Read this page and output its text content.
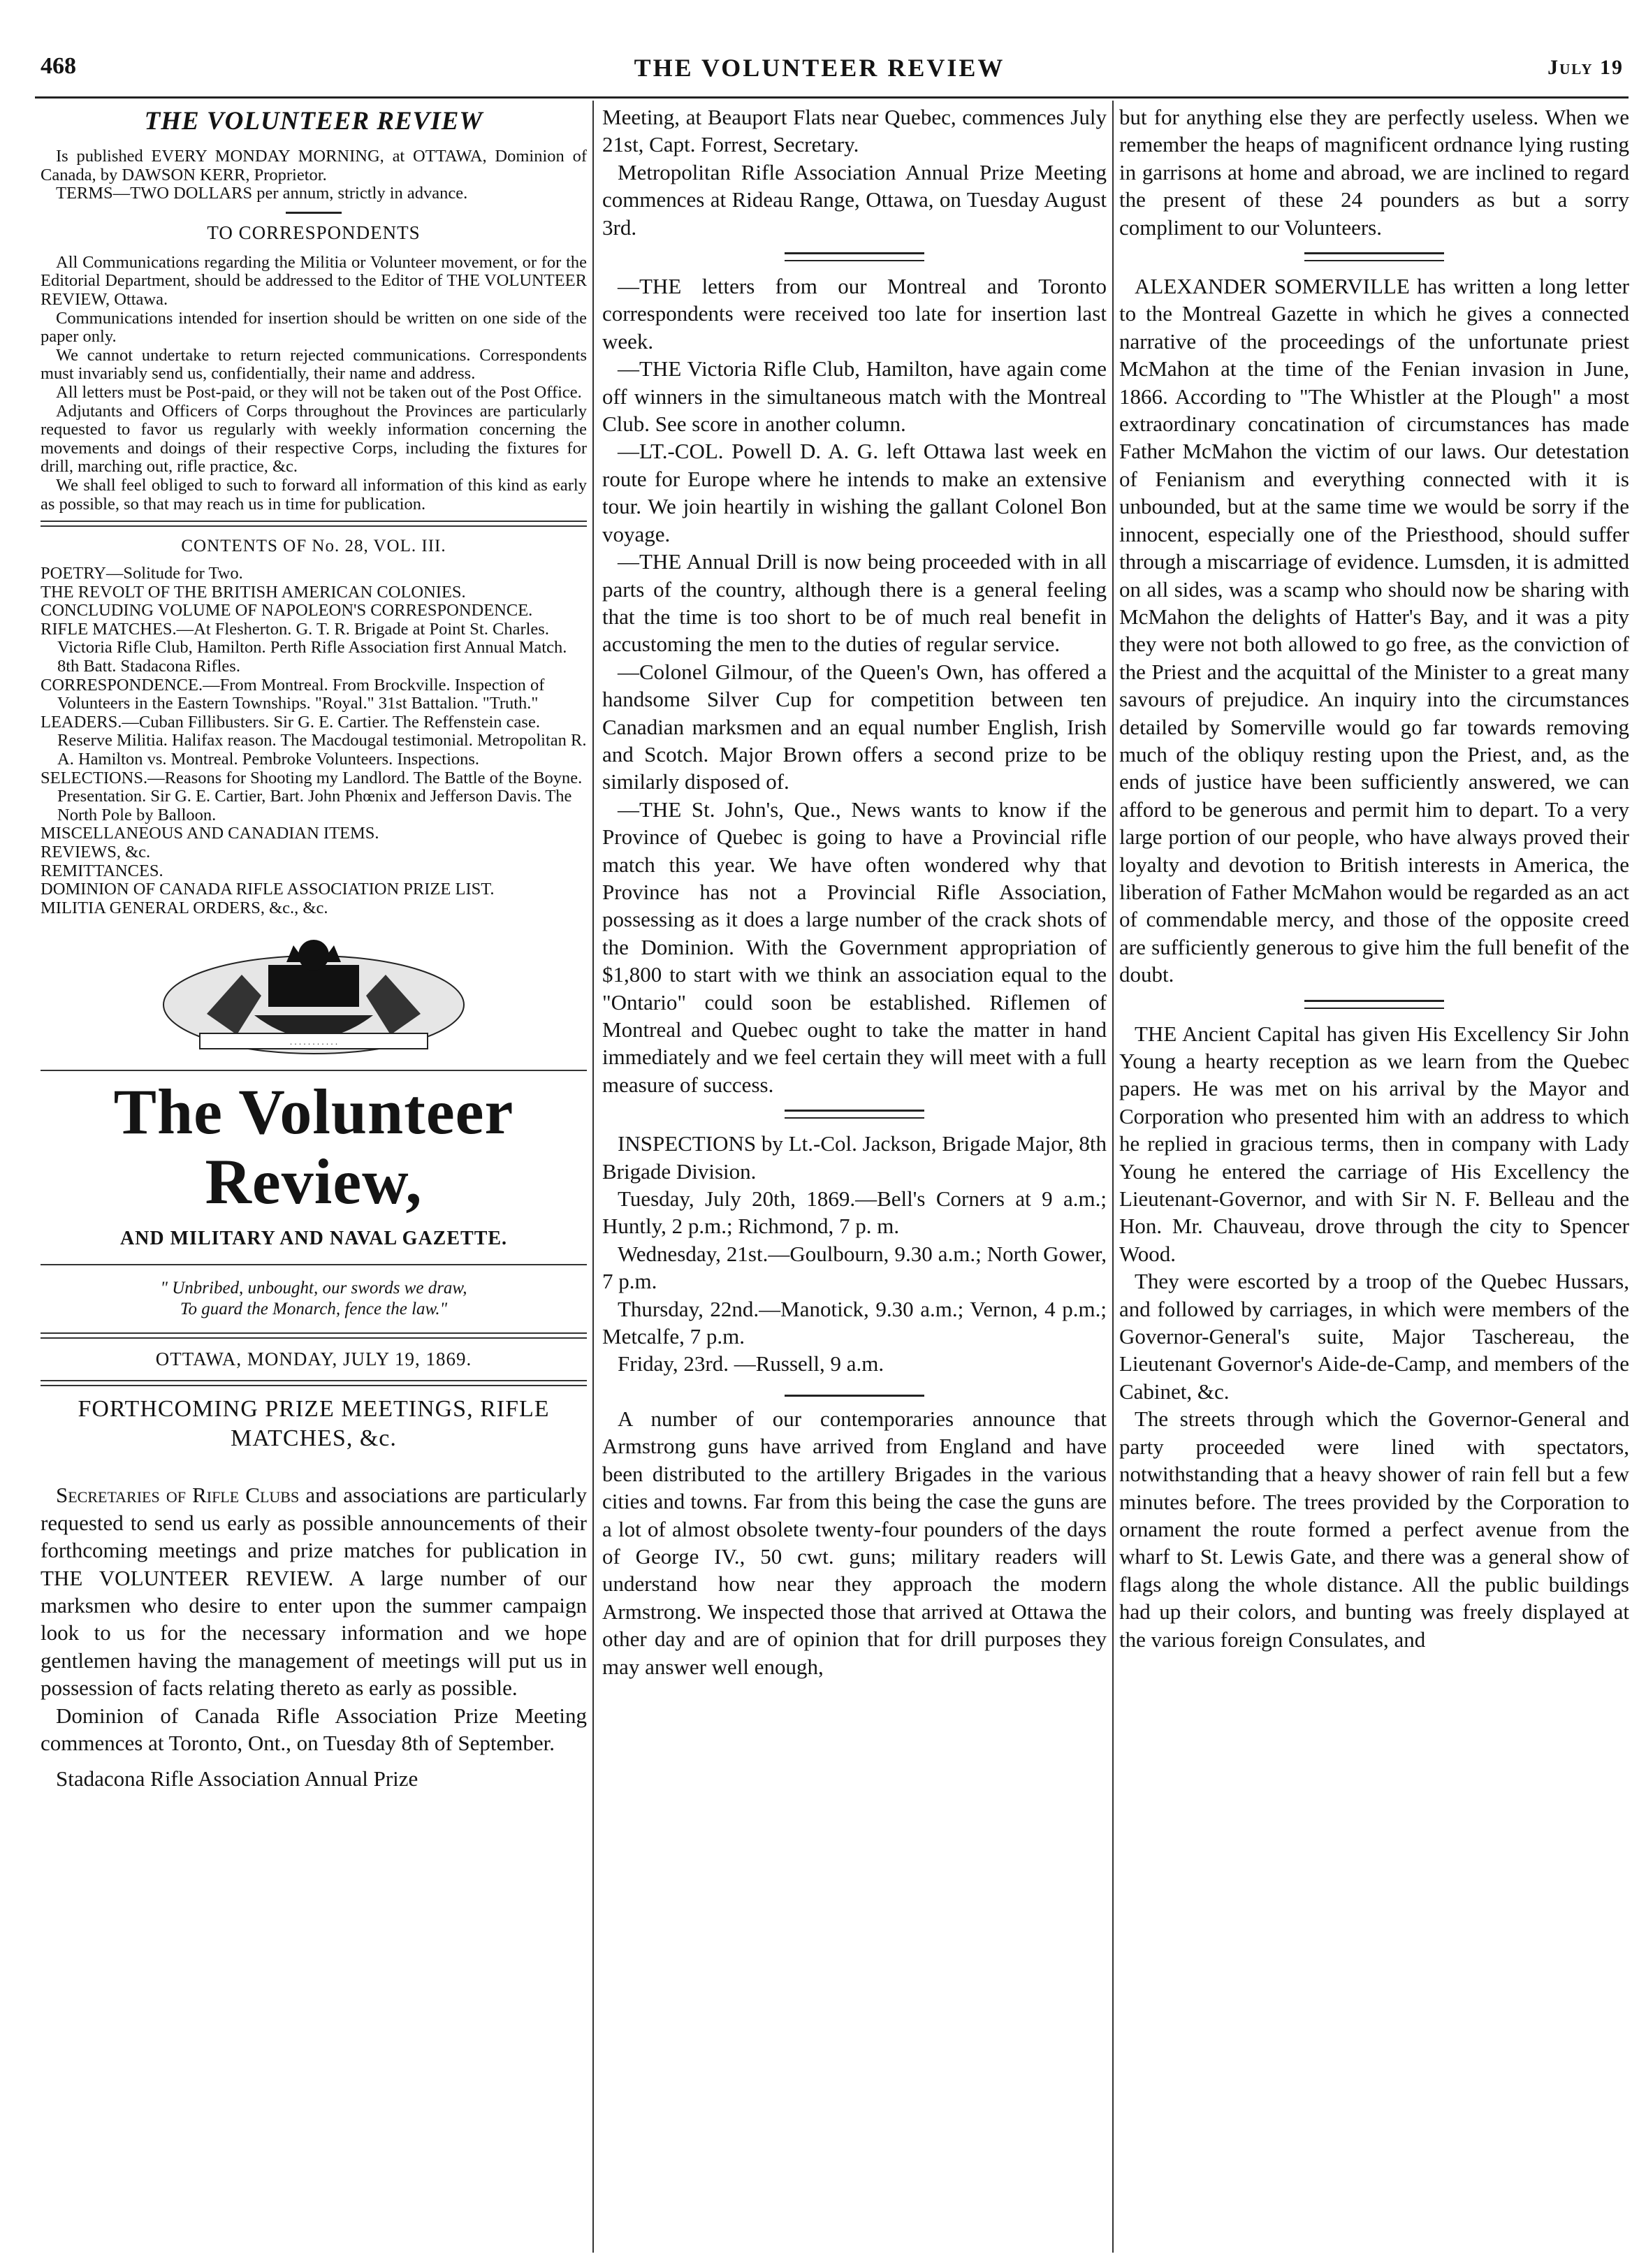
468	THE VOLUNTEER REVIEW	July 19
THE VOLUNTEER REVIEW

Is published EVERY MONDAY MORNING, at OTTAWA, Dominion of Canada, by DAWSON KERR, Proprietor.

TERMS—TWO DOLLARS per annum, strictly in advance.

TO CORRESPONDENTS

All Communications regarding the Militia or Volunteer movement, or for the Editorial Department, should be addressed to the Editor of THE VOLUNTEER REVIEW, Ottawa.

Communications intended for insertion should be written on one side of the paper only.

We cannot undertake to return rejected communications. Correspondents must invariably send us, confidentially, their name and address.

All letters must be Post-paid, or they will not be taken out of the Post Office.

Adjutants and Officers of Corps throughout the Provinces are particularly requested to favor us regularly with weekly information concerning the movements and doings of their respective Corps, including the fixtures for drill, marching out, rifle practice, &c.

We shall feel obliged to such to forward all information of this kind as early as possible, so that may reach us in time for publication.

CONTENTS OF No. 28, VOL. III.
POETRY—Solitude for Two.
THE REVOLT OF THE BRITISH AMERICAN COLONIES.
CONCLUDING VOLUME OF NAPOLEON'S CORRESPONDENCE.
RIFLE MATCHES.—At Flesherton. G. T. R. Brigade at Point St. Charles. Victoria Rifle Club, Hamilton. Perth Rifle Association first Annual Match. 8th Batt. Stadacona Rifles.
CORRESPONDENCE.—From Montreal. From Brockville. Inspection of Volunteers in the Eastern Townships. "Royal." 31st Battalion. "Truth."
LEADERS.—Cuban Fillibusters. Sir G. E. Cartier. The Reffenstein case. Reserve Militia. Halifax reason. The Macdougal testimonial. Metropolitan R. A. Hamilton vs. Montreal. Pembroke Volunteers. Inspections.
SELECTIONS.—Reasons for Shooting my Landlord. The Battle of the Boyne. Presentation. Sir G. E. Cartier, Bart. John Phœnix and Jefferson Davis. The North Pole by Balloon.
MISCELLANEOUS AND CANADIAN ITEMS.
REVIEWS, &c.
REMITTANCES.
DOMINION OF CANADA RIFLE ASSOCIATION PRIZE LIST.
MILITIA GENERAL ORDERS, &c., &c.
. . . . . . . . . . .
The Volunteer Review,
AND MILITARY AND NAVAL GAZETTE.
" Unbribed, unbought, our swords we draw,
To guard the Monarch, fence the law."
OTTAWA, MONDAY, JULY 19, 1869.
FORTHCOMING PRIZE MEETINGS, RIFLE MATCHES, &c.

Secretaries of Rifle Clubs and associations are particularly requested to send us early as possible announcements of their forthcoming meetings and prize matches for publication in THE VOLUNTEER REVIEW. A large number of our marksmen who desire to enter upon the summer campaign look to us for the necessary information and we hope gentlemen having the management of meetings will put us in possession of facts relating thereto as early as possible.

Dominion of Canada Rifle Association Prize Meeting commences at Toronto, Ont., on Tuesday 8th of September.

Stadacona Rifle Association Annual Prize

Meeting, at Beauport Flats near Quebec, commences July 21st, Capt. Forrest, Secretary.

Metropolitan Rifle Association Annual Prize Meeting commences at Rideau Range, Ottawa, on Tuesday August 3rd.

—THE letters from our Montreal and Toronto correspondents were received too late for insertion last week.

—THE Victoria Rifle Club, Hamilton, have again come off winners in the simultaneous match with the Montreal Club. See score in another column.

—LT.-COL. Powell D. A. G. left Ottawa last week en route for Europe where he intends to make an extensive tour. We join heartily in wishing the gallant Colonel Bon voyage.

—THE Annual Drill is now being proceeded with in all parts of the country, although there is a general feeling that the time is too short to be of much real benefit in accustoming the men to the duties of regular service.

—Colonel Gilmour, of the Queen's Own, has offered a handsome Silver Cup for competition between ten Canadian marksmen and an equal number English, Irish and Scotch. Major Brown offers a second prize to be similarly disposed of.

—THE St. John's, Que., News wants to know if the Province of Quebec is going to have a Provincial rifle match this year. We have often wondered why that Province has not a Provincial Rifle Association, possessing as it does a large number of the crack shots of the Dominion. With the Government appropriation of $1,800 to start with we think an association equal to the "Ontario" could soon be established. Riflemen of Montreal and Quebec ought to take the matter in hand immediately and we feel certain they will meet with a full measure of success.

INSPECTIONS by Lt.-Col. Jackson, Brigade Major, 8th Brigade Division.

Tuesday, July 20th, 1869.—Bell's Corners at 9 a.m.; Huntly, 2 p.m.; Richmond, 7 p. m.

Wednesday, 21st.—Goulbourn, 9.30 a.m.; North Gower, 7 p.m.

Thursday, 22nd.—Manotick, 9.30 a.m.; Vernon, 4 p.m.; Metcalfe, 7 p.m.

Friday, 23rd. —Russell, 9 a.m.

A number of our contemporaries announce that Armstrong guns have arrived from England and have been distributed to the artillery Brigades in the various cities and towns. Far from this being the case the guns are a lot of almost obsolete twenty-four pounders of the days of George IV., 50 cwt. guns; military readers will understand how near they approach the modern Armstrong. We inspected those that arrived at Ottawa the other day and are of opinion that for drill purposes they may answer well enough,

but for anything else they are perfectly useless. When we remember the heaps of magnificent ordnance lying rusting in garrisons at home and abroad, we are inclined to regard the present of these 24 pounders as but a sorry compliment to our Volunteers.

ALEXANDER SOMERVILLE has written a long letter to the Montreal Gazette in which he gives a connected narrative of the proceedings of the unfortunate priest McMahon at the time of the Fenian invasion in June, 1866. According to "The Whistler at the Plough" a most extraordinary concatination of circumstances has made Father McMahon the victim of our laws. Our detestation of Fenianism and everything connected with it is unbounded, but at the same time we would be sorry if the innocent, especially one of the Priesthood, should suffer through a miscarriage of evidence. Lumsden, it is admitted on all sides, was a scamp who should now be sharing with McMahon the delights of Hatter's Bay, and it was a pity they were not both allowed to go free, as the conviction of the Priest and the acquittal of the Minister to a great many savours of prejudice. An inquiry into the circumstances detailed by Somerville would go far towards removing much of the obliquy resting upon the Priest, and, as the ends of justice have been sufficiently answered, we can afford to be generous and permit him to depart. To a very large portion of our people, who have always proved their loyalty and devotion to British interests in America, the liberation of Father McMahon would be regarded as an act of commendable mercy, and those of the opposite creed are sufficiently generous to give him the full benefit of the doubt.

THE Ancient Capital has given His Excellency Sir John Young a hearty reception as we learn from the Quebec papers. He was met on his arrival by the Mayor and Corporation who presented him with an address to which he replied in gracious terms, then in company with Lady Young he entered the carriage of His Excellency the Lieutenant-Governor, and with Sir N. F. Belleau and the Hon. Mr. Chauveau, drove through the city to Spencer Wood.

They were escorted by a troop of the Quebec Hussars, and followed by carriages, in which were members of the Governor-General's suite, Major Taschereau, the Lieutenant Governor's Aide-de-Camp, and members of the Cabinet, &c.

The streets through which the Governor-General and party proceeded were lined with spectators, notwithstanding that a heavy shower of rain fell but a few minutes before. The trees provided by the Corporation to ornament the route formed a perfect avenue from the wharf to St. Lewis Gate, and there was a general show of flags along the whole distance. All the public buildings had up their colors, and bunting was freely displayed at the various foreign Consulates, and
